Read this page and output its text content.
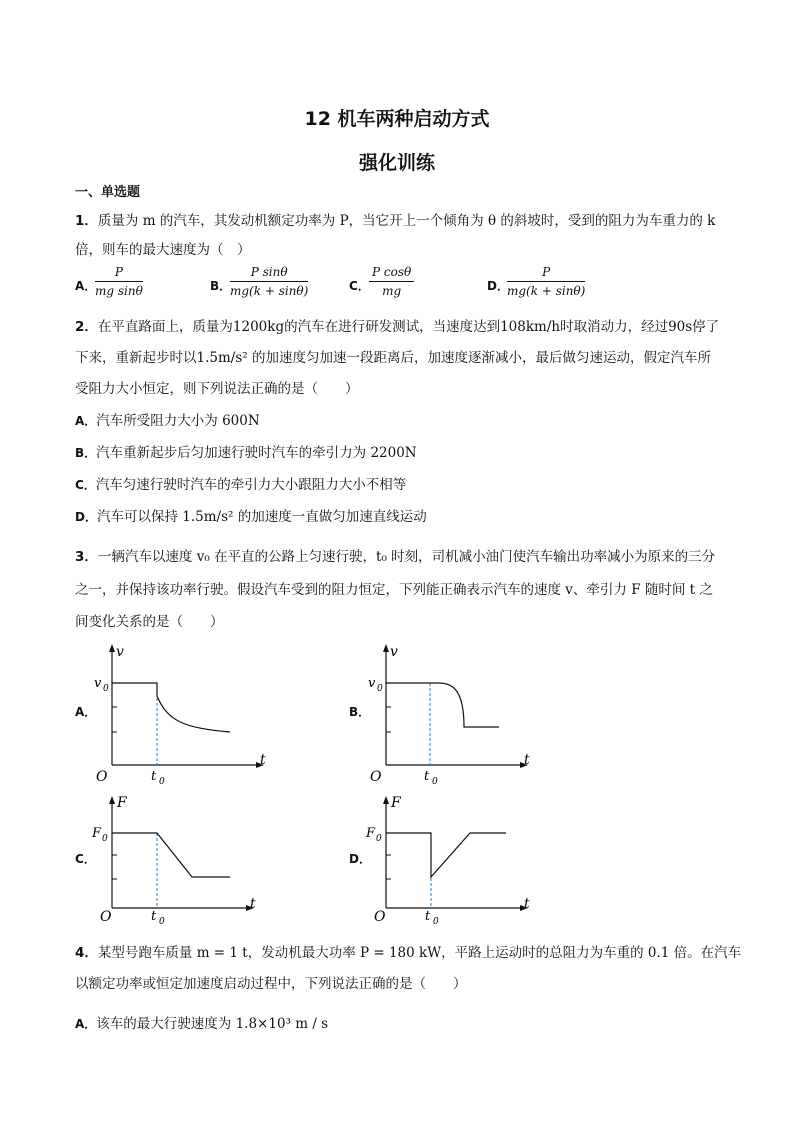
12 机车两种启动方式
强化训练
一、单选题
1．质量为 m 的汽车，其发动机额定功率为 P，当它开上一个倾角为 θ 的斜坡时，受到的阻力为车重力的 k
倍，则车的最大速度为（　）
A．
$\frac{P}{\text{mg sinθ}}$	B．
$\frac{\text{P sinθ}}{mg(k + \sin\theta)}$	C． $\frac{\text{P cosθ}}{mg}$	D．
$\frac{P}{mg(k + \sin\theta)}$
2．在平直路面上，质量为1200kg的汽车在进行研发测试，当速度达到108km/h时取消动力，经过90s停了
下来，重新起步时以1.5m/s² 的加速度匀加速一段距离后，加速度逐渐减小，最后做匀速运动，假定汽车所
受阻力大小恒定，则下列说法正确的是（　　）
A．汽车所受阻力大小为 600N
B．汽车重新起步后匀加速行驶时汽车的牵引力为 2200N
C．汽车匀速行驶时汽车的牵引力大小跟阻力大小不相等
D．汽车可以保持 1.5m/s² 的加速度一直做匀加速直线运动
3．一辆汽车以速度 v₀ 在平直的公路上匀速行驶，t₀ 时刻，司机减小油门使汽车输出功率减小为原来的三分
之一，并保持该功率行驶。假设汽车受到的阻力恒定，下列能正确表示汽车的速度 v、牵引力 F 随时间 t 之
间变化关系的是（　　）
A．
v
v 0
t
O	t 0
B．
v
v 0
t
O	t 0
C．
F
F 0
t
O	t 0
D．
F
F 0
t
O	t 0
4．某型号跑车质量 m = 1 t，发动机最大功率 P = 180 kW，平路上运动时的总阻力为车重的 0.1 倍。在汽车
以额定功率或恒定加速度启动过程中，下列说法正确的是（　　）
A．该车的最大行驶速度为 1.8×10³ m / s
